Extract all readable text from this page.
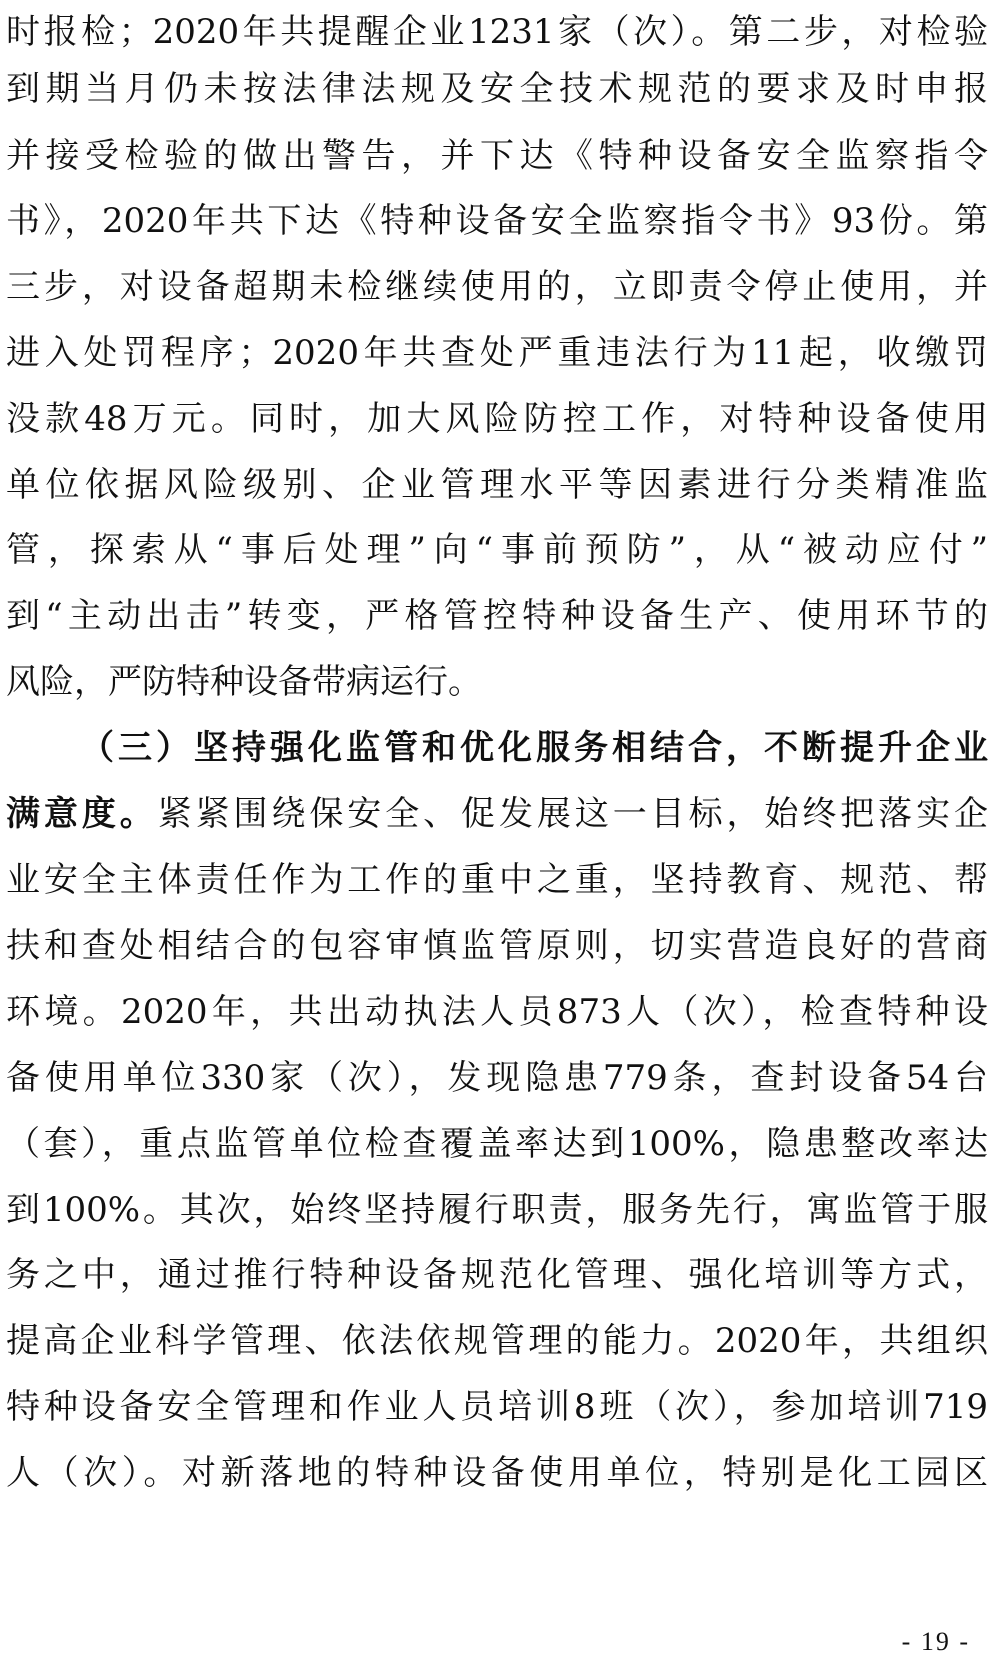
时报检；2020年共提醒企业1231家（次）。第二步，对检验
到期当月仍未按法律法规及安全技术规范的要求及时申报
并接受检验的做出警告，并下达《特种设备安全监察指令
书》，2020年共下达《特种设备安全监察指令书》93份。第
三步，对设备超期未检继续使用的，立即责令停止使用，并
进入处罚程序；2020年共查处严重违法行为11起，收缴罚
没款48万元。同时，加大风险防控工作，对特种设备使用
单位依据风险级别、企业管理水平等因素进行分类精准监
管，探索从“事后处理”向“事前预防”，从“被动应付”
到“主动出击”转变，严格管控特种设备生产、使用环节的
风险，严防特种设备带病运行。
（三）坚持强化监管和优化服务相结合，不断提升企业
满意度。紧紧围绕保安全、促发展这一目标，始终把落实企
业安全主体责任作为工作的重中之重，坚持教育、规范、帮
扶和查处相结合的包容审慎监管原则，切实营造良好的营商
环境。2020年，共出动执法人员873人（次），检查特种设
备使用单位330家（次），发现隐患779条，查封设备54台
（套），重点监管单位检查覆盖率达到100%，隐患整改率达
到100%。其次，始终坚持履行职责，服务先行，寓监管于服
务之中，通过推行特种设备规范化管理、强化培训等方式，
提高企业科学管理、依法依规管理的能力。2020年，共组织
特种设备安全管理和作业人员培训8班（次），参加培训719
人（次）。对新落地的特种设备使用单位，特别是化工园区
- 19 -
